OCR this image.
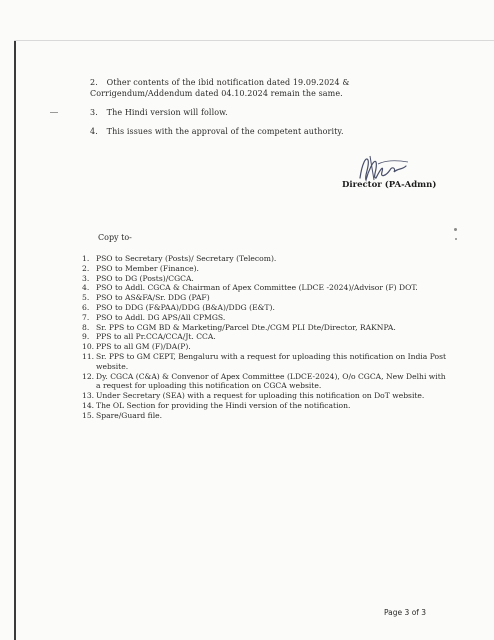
2. Other contents of the ibid notification dated 19.09.2024 & Corrigendum/Addendum dated 04.10.2024 remain the same.
3. The Hindi version will follow.
4. This issues with the approval of the competent authority.
Director (PA-Admn)
Copy to-
1. PSO to Secretary (Posts)/ Secretary (Telecom).
2. PSO to Member (Finance).
3. PSO to DG (Posts)/CGCA.
4. PSO to Addl. CGCA & Chairman of Apex Committee (LDCE -2024)/Advisor (F) DOT.
5. PSO to AS&FA/Sr. DDG (PAF)
6. PSO to DDG (F&PAA)/DDG (B&A)/DDG (E&T).
7. PSO to Addl. DG APS/All CPMGS.
8. Sr. PPS to CGM BD & Marketing/Parcel Dte./CGM PLI Dte/Director, RAKNPA.
9. PPS to all Pr.CCA/CCA/Jt. CCA.
10. PPS to all GM (F)/DA(P).
11. Sr. PPS to GM CEPT, Bengaluru with a request for uploading this notification on India Post website.
12. Dy. CGCA (C&A) & Convenor of Apex Committee (LDCE-2024), O/o CGCA, New Delhi with a request for uploading this notification on CGCA website.
13. Under Secretary (SEA) with a request for uploading this notification on DoT website.
14. The OL Section for providing the Hindi version of the notification.
15. Spare/Guard file.
Page 3 of 3
